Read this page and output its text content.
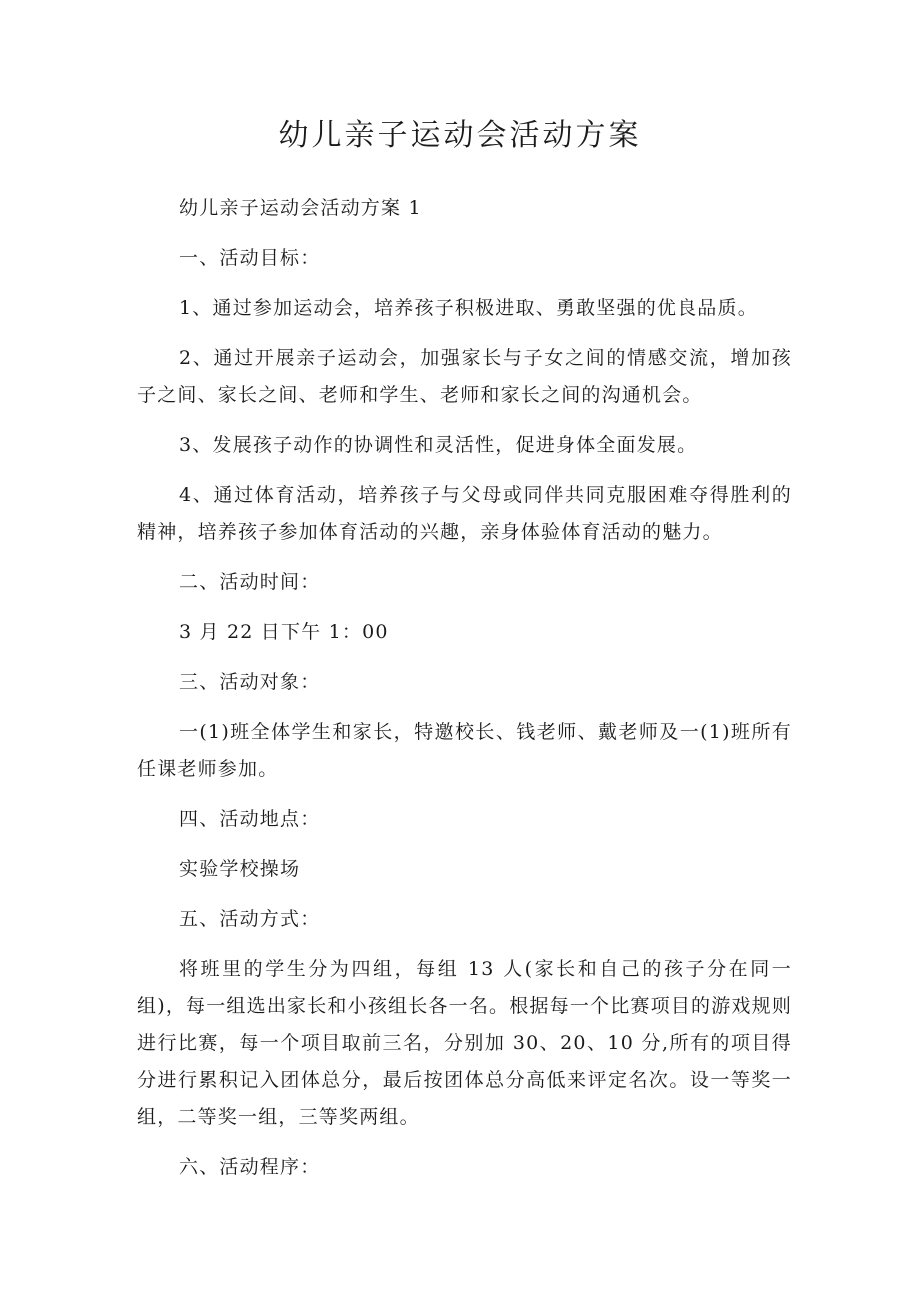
幼儿亲子运动会活动方案

幼儿亲子运动会活动方案 1

一、活动目标：

1、通过参加运动会，培养孩子积极进取、勇敢坚强的优良品质。

2、通过开展亲子运动会，加强家长与子女之间的情感交流，增加孩子之间、家长之间、老师和学生、老师和家长之间的沟通机会。

3、发展孩子动作的协调性和灵活性，促进身体全面发展。

4、通过体育活动，培养孩子与父母或同伴共同克服困难夺得胜利的精神，培养孩子参加体育活动的兴趣，亲身体验体育活动的魅力。

二、活动时间：

3 月 22 日下午 1：00

三、活动对象：

一(1)班全体学生和家长，特邀校长、钱老师、戴老师及一(1)班所有任课老师参加。

四、活动地点：

实验学校操场

五、活动方式：

将班里的学生分为四组，每组 13 人(家长和自己的孩子分在同一组)，每一组选出家长和小孩组长各一名。根据每一个比赛项目的游戏规则进行比赛，每一个项目取前三名，分别加 30、20、10 分,所有的项目得分进行累积记入团体总分，最后按团体总分高低来评定名次。设一等奖一组，二等奖一组，三等奖两组。

六、活动程序：
